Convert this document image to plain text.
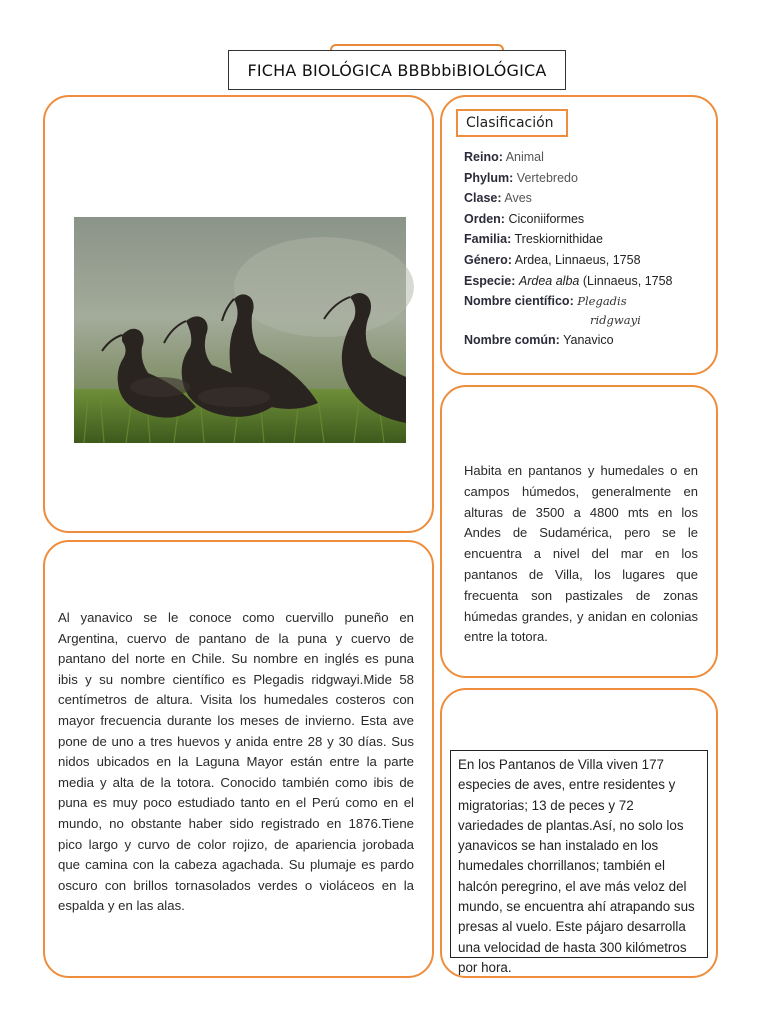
FICHA BIOLÓGICA BBBbbiBIOLÓGICA
Clasificación
Reino: Animal
Phylum: Vertebredo
Clase: Aves
Orden: Ciconiiformes
Familia: Treskiornithidae
Género: Ardea, Linnaeus, 1758
Especie: Ardea alba (Linnaeus, 1758
Nombre científico: Plegadis
ridgwayi
Nombre común: Yanavico
Habita en pantanos y humedales o en campos húmedos, generalmente en alturas de 3500 a 4800 mts en los Andes de Sudamérica, pero se le encuentra a nivel del mar en los pantanos de Villa, los lugares que frecuenta son pastizales de zonas húmedas grandes, y anidan en colonias entre la totora.
Al yanavico se le conoce como cuervillo puneño en Argentina, cuervo de pantano de la puna y cuervo de pantano del norte en Chile. Su nombre en inglés es puna ibis y su nombre científico es Plegadis ridgwayi.Mide 58 centímetros de altura. Visita los humedales costeros con mayor frecuencia durante los meses de invierno. Esta ave pone de uno a tres huevos y anida entre 28 y 30 días. Sus nidos ubicados en la Laguna Mayor están entre la parte media y alta de la totora. Conocido también como ibis de puna es muy poco estudiado tanto en el Perú como en el mundo, no obstante haber sido registrado en 1876.Tiene pico largo y curvo de color rojizo, de apariencia jorobada que camina con la cabeza agachada. Su plumaje es pardo oscuro con brillos tornasolados verdes o violáceos en la espalda y en las alas.
En los Pantanos de Villa viven 177 especies de aves, entre residentes y migratorias; 13 de peces y 72 variedades de plantas.Así, no solo los yanavicos se han instalado en los humedales chorrillanos; también el halcón peregrino, el ave más veloz del mundo, se encuentra ahí atrapando sus presas al vuelo. Este pájaro desarrolla una velocidad de hasta 300 kilómetros por hora.
